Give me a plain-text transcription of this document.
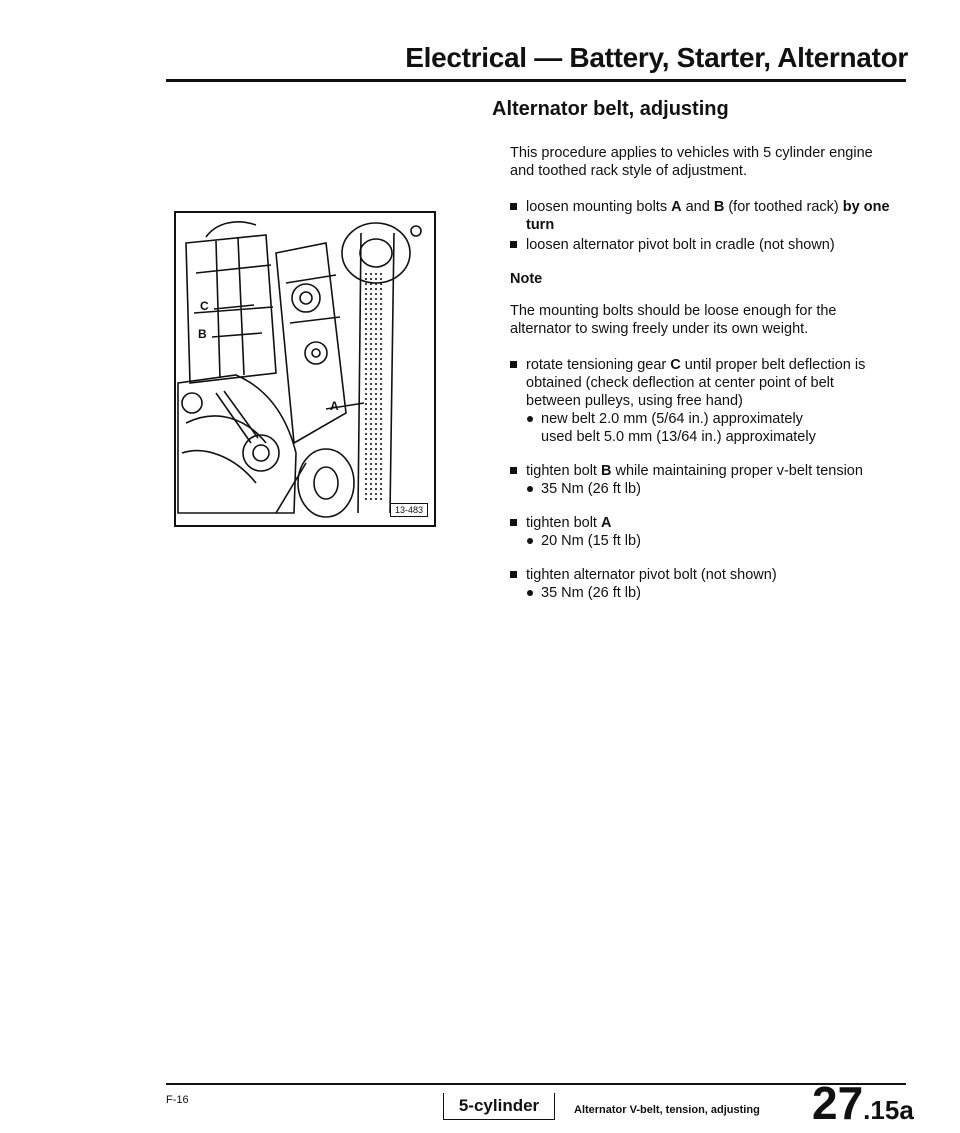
Electrical — Battery, Starter, Alternator
Alternator belt, adjusting
C
B
A
13-483

This procedure applies to vehicles with 5 cylinder engine and toothed rack style of adjustment.

loosen mounting bolts A and B (for toothed rack) by one turn
loosen alternator pivot bolt in cradle (not shown)

Note

The mounting bolts should be loose enough for the alternator to swing freely under its own weight.

rotate tensioning gear C until proper belt deflection is obtained (check deflection at center point of belt between pulleys, using free hand)
new belt 2.0 mm (5/64 in.) approximately
used belt 5.0 mm (13/64 in.) approximately
tighten bolt B while maintaining proper v-belt tension
35 Nm (26 ft lb)
tighten bolt A
20 Nm (15 ft lb)
tighten alternator pivot bolt (not shown)
35 Nm (26 ft lb)
F-16	5-cylinder	Alternator V-belt, tension, adjusting 27.15a
